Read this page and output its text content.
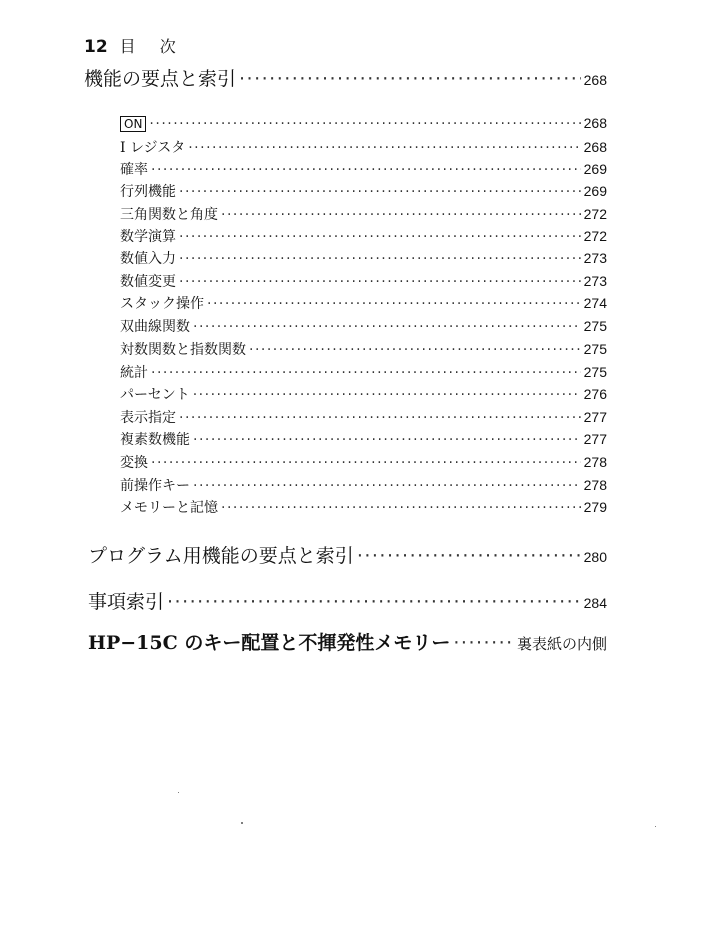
12 目 次
機能の要点と索引 ·····	268
ON ·····	268
I レジスタ ·····	268
確率 ·····	269
行列機能 ·····	269
三角関数と角度 ·····	272
数学演算 ·····	272
数値入力 ·····	273
数値変更 ·····	273
スタック操作 ·····	274
双曲線関数 ·····	275
対数関数と指数関数 ·····	275
統計 ·····	275
パーセント ·····	276
表示指定 ·····	277
複素数機能 ·····	277
変換 ·····	278
前操作キー ·····	278
メモリーと記憶 ·····	279
プログラム用機能の要点と索引 ·····	280
事項索引 ·····	284
HP−15C のキー配置と不揮発性メモリー ·····	裏表紙の内側
